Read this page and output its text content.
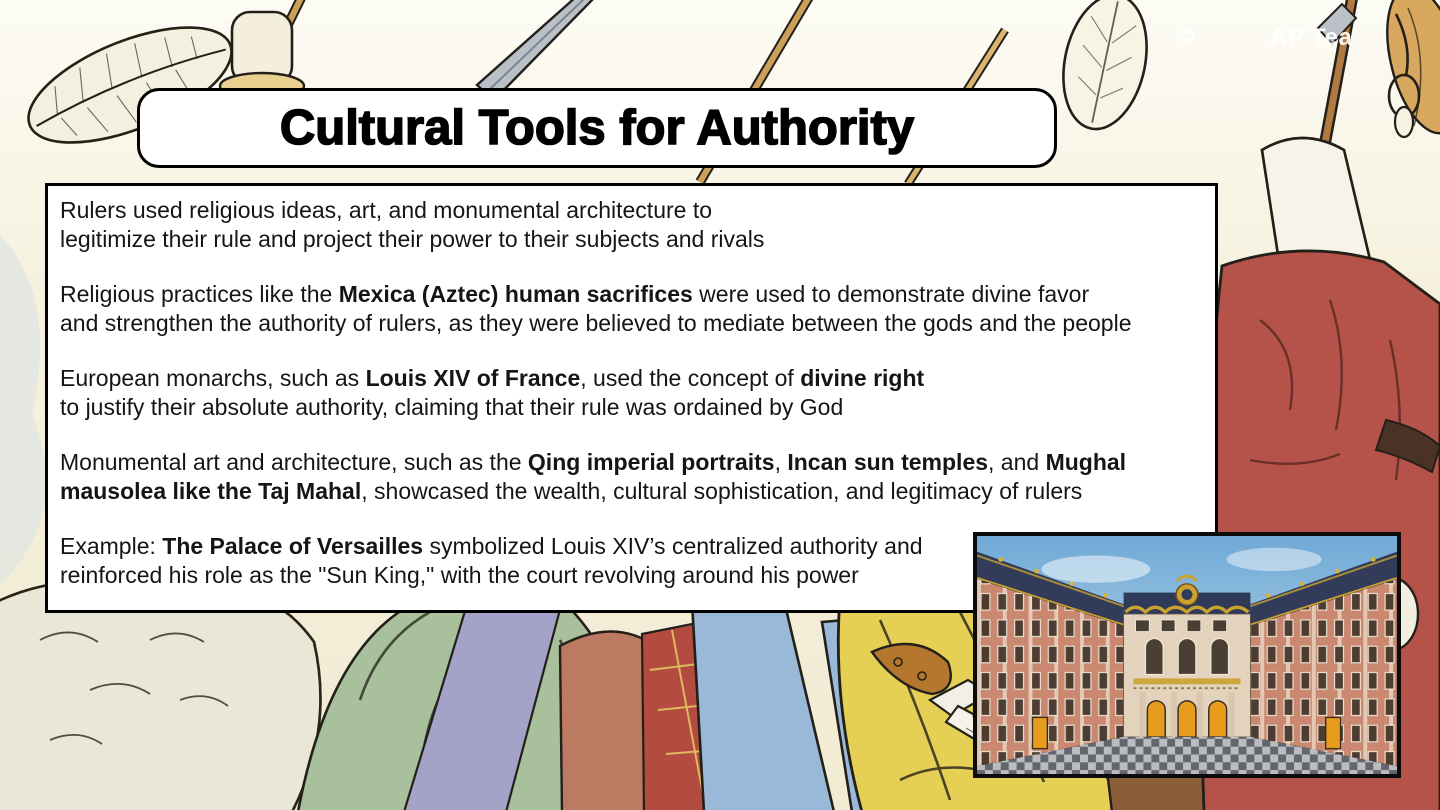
©	AP Tea
Cultural Tools for Authority

Rulers used religious ideas, art, and monumental architecture to
legitimize their rule and project their power to their subjects and rivals

Religious practices like the Mexica (Aztec) human sacrifices were used to demonstrate divine favor
and strengthen the authority of rulers, as they were believed to mediate between the gods and the people

European monarchs, such as Louis XIV of France, used the concept of divine right
to justify their absolute authority, claiming that their rule was ordained by God

Monumental art and architecture, such as the Qing imperial portraits, Incan sun temples, and Mughal
mausolea like the Taj Mahal, showcased the wealth, cultural sophistication, and legitimacy of rulers

Example: The Palace of Versailles symbolized Louis XIV’s centralized authority and
reinforced his role as the "Sun King," with the court revolving around his power
